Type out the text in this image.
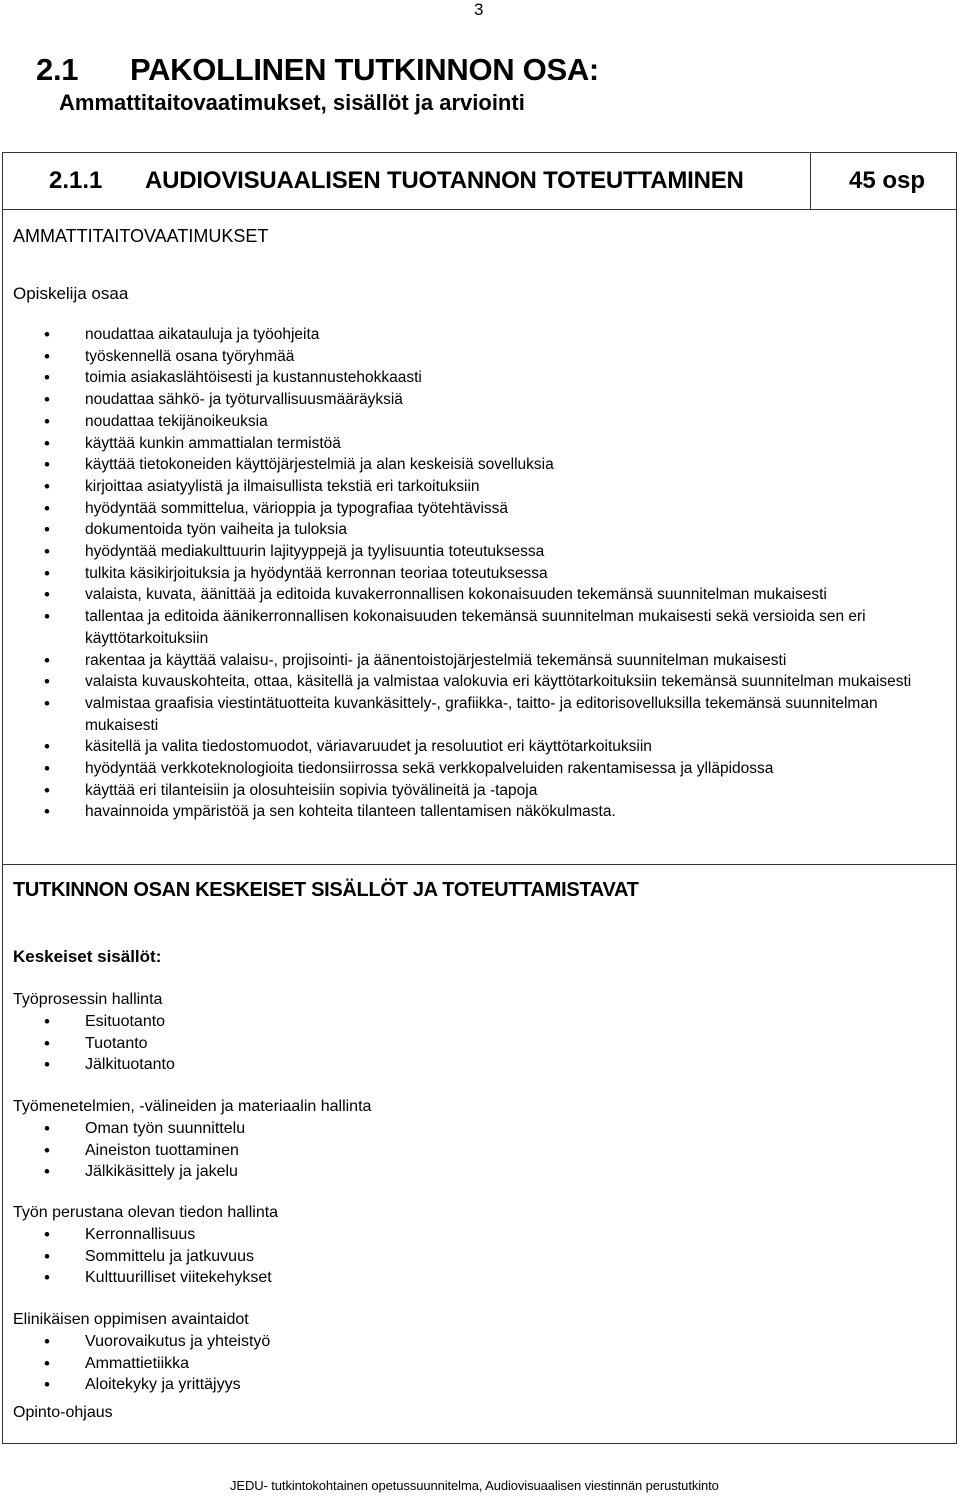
3
2.1 PAKOLLINEN TUTKINNON OSA:
Ammattitaitovaatimukset, sisällöt ja arviointi
2.1.1 AUDIOVISUAALISEN TUOTANNON TOTEUTTAMINEN	45 osp
AMMATTITAITOVAATIMUKSET
Opiskelija osaa
• noudattaa aikatauluja ja työohjeita
• työskennellä osana työryhmää
• toimia asiakaslähtöisesti ja kustannustehokkaasti
• noudattaa sähkö- ja työturvallisuusmääräyksiä
• noudattaa tekijänoikeuksia
• käyttää kunkin ammattialan termistöä
• käyttää tietokoneiden käyttöjärjestelmiä ja alan keskeisiä sovelluksia
• kirjoittaa asiatyylistä ja ilmaisullista tekstiä eri tarkoituksiin
• hyödyntää sommittelua, värioppia ja typografiaa työtehtävissä
• dokumentoida työn vaiheita ja tuloksia
• hyödyntää mediakulttuurin lajityyppejä ja tyylisuuntia toteutuksessa
• tulkita käsikirjoituksia ja hyödyntää kerronnan teoriaa toteutuksessa
• valaista, kuvata, äänittää ja editoida kuvakerronnallisen kokonaisuuden tekemänsä suunnitelman mukaisesti
• tallentaa ja editoida äänikerronnallisen kokonaisuuden tekemänsä suunnitelman mukaisesti sekä versioida sen eri käyttötarkoituksiin
• rakentaa ja käyttää valaisu-, projisointi- ja äänentoistojärjestelmiä tekemänsä suunnitelman mukaisesti
• valaista kuvauskohteita, ottaa, käsitellä ja valmistaa valokuvia eri käyttötarkoituksiin tekemänsä suunnitelman mukaisesti
• valmistaa graafisia viestintätuotteita kuvankäsittely-, grafiikka-, taitto- ja editorisovelluksilla tekemänsä suunnitelman mukaisesti
• käsitellä ja valita tiedostomuodot, väriavaruudet ja resoluutiot eri käyttötarkoituksiin
• hyödyntää verkkoteknologioita tiedonsiirrossa sekä verkkopalveluiden rakentamisessa ja ylläpidossa
• käyttää eri tilanteisiin ja olosuhteisiin sopivia työvälineitä ja -tapoja
• havainnoida ympäristöä ja sen kohteita tilanteen tallentamisen näkökulmasta.
TUTKINNON OSAN KESKEISET SISÄLLÖT JA TOTEUTTAMISTAVAT
Keskeiset sisällöt:
Työprosessin hallinta
• Esituotanto
• Tuotanto
• Jälkituotanto
Työmenetelmien, -välineiden ja materiaalin hallinta
• Oman työn suunnittelu
• Aineiston tuottaminen
• Jälkikäsittely ja jakelu
Työn perustana olevan tiedon hallinta
• Kerronnallisuus
• Sommittelu ja jatkuvuus
• Kulttuurilliset viitekehykset
Elinikäisen oppimisen avaintaidot
• Vuorovaikutus ja yhteistyö
• Ammattietiikka
• Aloitekyky ja yrittäjyys
Opinto-ohjaus
JEDU- tutkintokohtainen opetussuunnitelma, Audiovisuaalisen viestinnän perustutkinto
